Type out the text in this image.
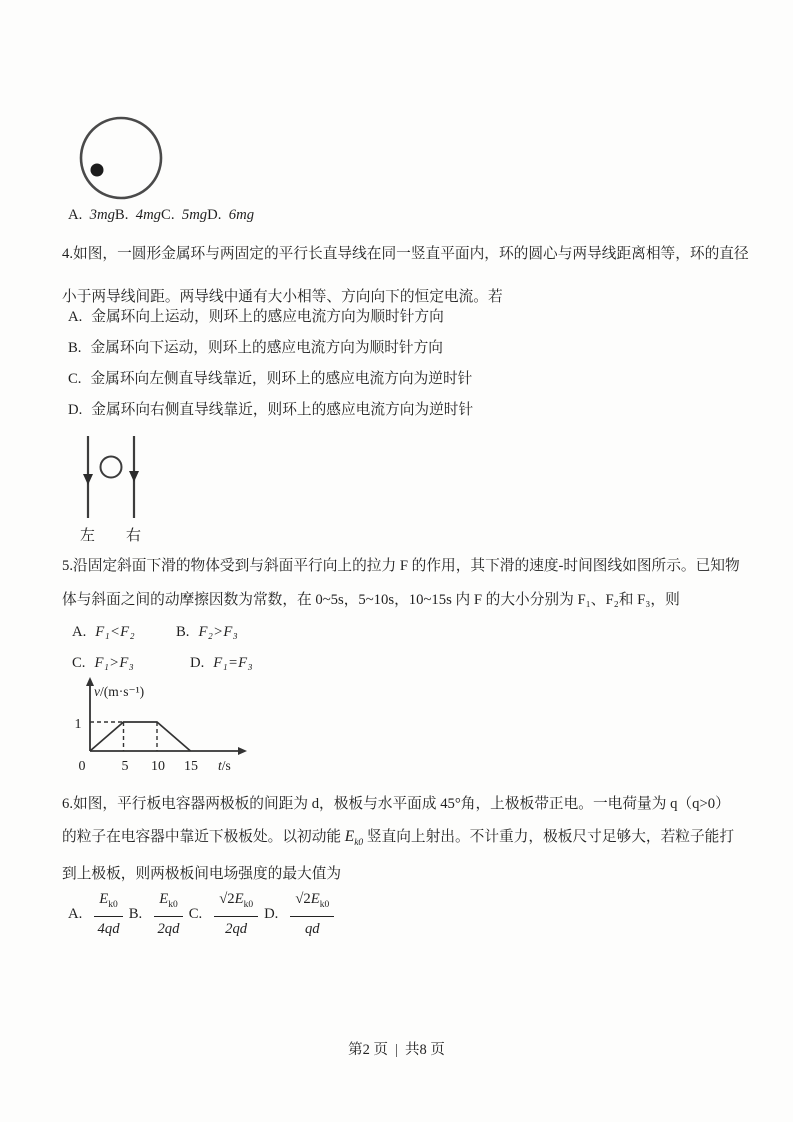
A. 3mgB. 4mgC. 5mgD. 6mg
4.如图，一圆形金属环与两固定的平行长直导线在同一竖直平面内，环的圆心与两导线距离相等，环的直径
小于两导线间距。两导线中通有大小相等、方向向下的恒定电流。若
A. 金属环向上运动，则环上的感应电流方向为顺时针方向
B. 金属环向下运动，则环上的感应电流方向为顺时针方向
C. 金属环向左侧直导线靠近，则环上的感应电流方向为逆时针
D. 金属环向右侧直导线靠近，则环上的感应电流方向为逆时针
左 右
5.沿固定斜面下滑的物体受到与斜面平行向上的拉力 F 的作用，其下滑的速度-时间图线如图所示。已知物
体与斜面之间的动摩擦因数为常数，在 0~5s，5~10s，10~15s 内 F 的大小分别为 F₁、F₂和 F₃，则
A. F₁<F₂	B. F₂>F₃
C. F₁>F₃	D. F₁=F₃
v/(m·s⁻¹)
1
0	5 10 15 t/s
6.如图，平行板电容器两极板的间距为 d，极板与水平面成 45°角，上极板带正电。一电荷量为 q（q>0）
的粒子在电容器中靠近下极板处。以初动能 $E_{k0}$ 竖直向上射出。不计重力，极板尺寸足够大，若粒子能打
到上极板，则两极板间电场强度的最大值为
A. $\frac{E_{k0}}{4qd} B$. $\frac{E_{k0}}{2qd} C$. $\frac{√2E_{k0}}{2qd} D$. $\frac{√2E_{k0}}{qd}$
第2 页 | 共8 页
